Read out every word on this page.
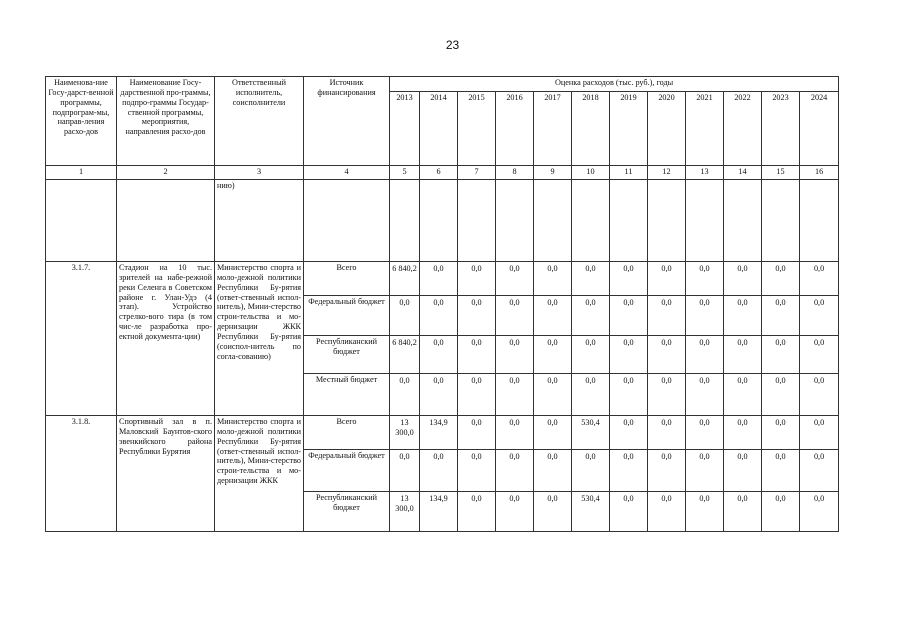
23
Наименова-ние Госу-дарст-венной программы, подпрограм-мы, направ-ления расхо-дов	Наименование Госу-дарственной про-граммы, подпро-граммы Государ-ственной программы, мероприятия, направления расхо-дов	Ответственный исполнитель, соисполнители	Источник финансирования	Оценка расходов (тыс. руб.), годы											
				2013	2014	2015	2016	2017	2018	2019	2020	2021	2022	2023	2024
1	2	3	4	5	6	7	8	9	10	11	12	13	14	15	16
		нию)													
3.1.7.	Стадион на 10 тыс. зрителей на набе-режной реки Селенга в Советском районе г. Улан-Удэ (4 этап). Устройство стрелко-вого тира (в том чис-ле разработка про-ектной документа-ции)	Министерство спорта и моло-дежной политики Республики Бу-рятия (ответ-ственный испол-нитель), Мини-стерство строи-тельства и мо-дернизации ЖКК Республики Бу-рятия (соиспол-нитель по согла-сованию)	Всего	6 840,2	0,0	0,0	0,0	0,0	0,0	0,0	0,0	0,0	0,0	0,0	0,0
			Федеральный бюджет	0,0	0,0	0,0	0,0	0,0	0,0	0,0	0,0	0,0	0,0	0,0	0,0
			Республиканский бюджет	6 840,2	0,0	0,0	0,0	0,0	0,0	0,0	0,0	0,0	0,0	0,0	0,0
			Местный бюджет	0,0	0,0	0,0	0,0	0,0	0,0	0,0	0,0	0,0	0,0	0,0	0,0
3.1.8.	Спортивный зал в п. Маловский Баунтов-ского эвенкийского района Республики Бурятия	Министерство спорта и моло-дежной политики Республики Бу-рятия (ответ-ственный испол-нитель), Мини-стерство строи-тельства и мо-дернизации ЖКК	Всего	13 300,0	134,9	0,0	0,0	0,0	530,4	0,0	0,0	0,0	0,0	0,0	0,0
			Федеральный бюджет	0,0	0,0	0,0	0,0	0,0	0,0	0,0	0,0	0,0	0,0	0,0	0,0
			Республиканский бюджет	13 300,0	134,9	0,0	0,0	0,0	530,4	0,0	0,0	0,0	0,0	0,0	0,0
